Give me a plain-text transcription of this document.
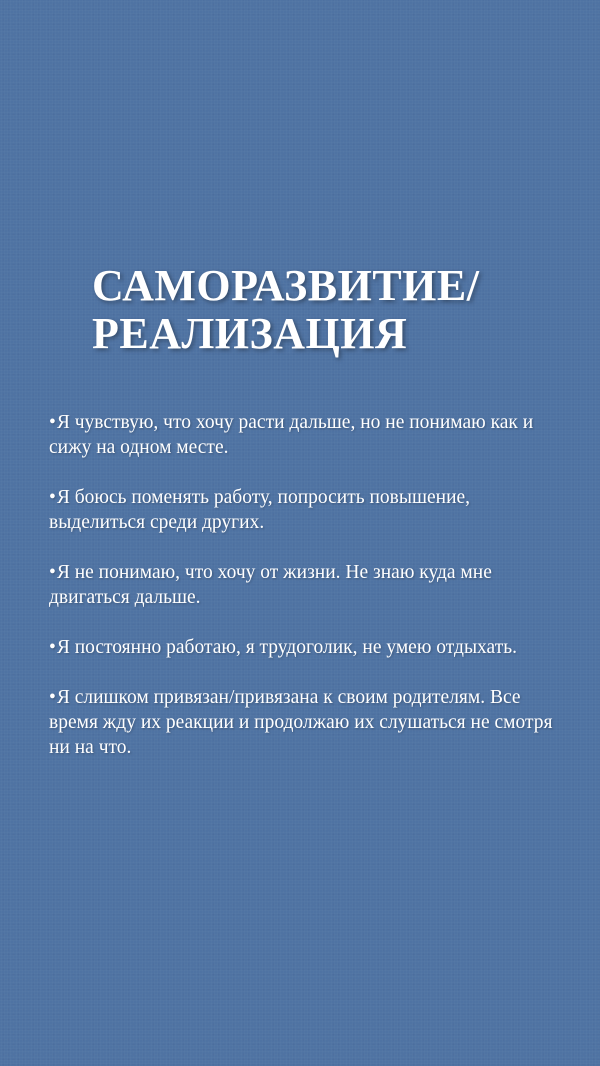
САМОРАЗВИТИЕ/
РЕАЛИЗАЦИЯ
•Я чувствую, что хочу расти дальше, но не понимаю как и сижу на одном месте.
•Я боюсь поменять работу, попросить повышение, выделиться среди других.
•Я не понимаю, что хочу от жизни. Не знаю куда мне двигаться дальше.
•Я постоянно работаю, я трудоголик, не умею отдыхать.
•Я слишком привязан/привязана к своим родителям. Все время жду их реакции и продолжаю их слушаться не смотря ни на что.
